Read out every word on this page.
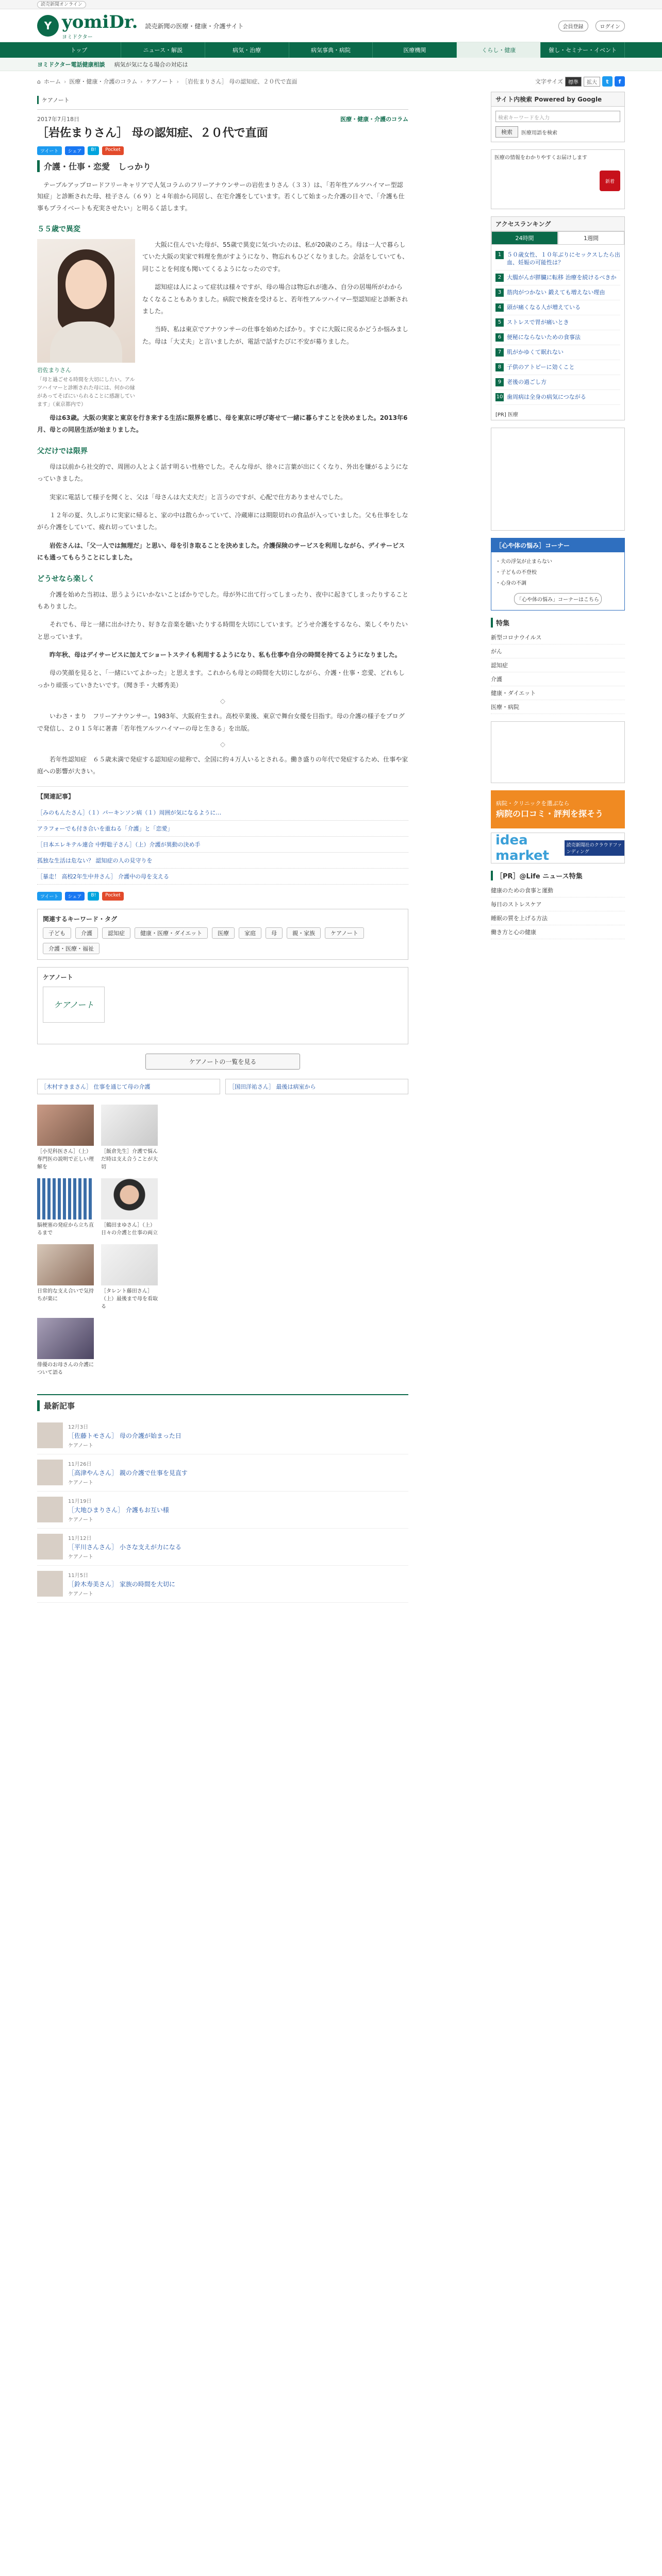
読売新聞オンライン
Y yomiDr.
ヨミドクター
読売新聞の医療・健康・介護サイト	会員登録	ログイン
トップ	ニュース・解説	病気・治療	病気事典・病院	医療機関	くらし・健康	催し・セミナー・イベント
ヨミドクター電話健康相談 病気が気になる場合の対応は
⌂ ホーム › 医療・健康・介護のコラム › ケアノート › ［岩佐まりさん］ 母の認知症、２０代で直面	文字サイズ	標準	拡大	t	f
ケアノート
2017年7月18日	医療・健康・介護のコラム
［岩佐まりさん］ 母の認知症、２０代で直面
ツイート	シェア	B!	Pocket
介護・仕事・恋愛　しっかり

　テーブルアップロードフリーキャリアで人気コラムのフリーアナウンサーの岩佐まりさん（３３）は、「若年性アルツハイマー型認知症」と診断された母、桂子さん（６９）と４年前から同居し、在宅介護をしています。若くして始まった介護の日々で、「介護も仕事もプライベートも充実させたい」と明るく話します。

５５歳で異変
岩佐まりさん
「母と過ごせる時間を大切にしたい。アルツハイマーと診断された母には、何かの縁があってそばにいられることに感謝しています」（東京都内で）

　大阪に住んでいた母が、55歳で異変に気づいたのは、私が20歳のころ。母は一人で暮らしていた大阪の実家で料理を焦がすようになり、物忘れもひどくなりました。会話をしていても、同じことを何度も聞いてくるようになったのです。

　認知症は人によって症状は様々ですが、母の場合は物忘れが進み、自分の居場所がわからなくなることもありました。病院で検査を受けると、若年性アルツハイマー型認知症と診断されました。

　当時、私は東京でアナウンサーの仕事を始めたばかり。すぐに大阪に戻るかどうか悩みました。母は「大丈夫」と言いましたが、電話で話すたびに不安が募りました。

　母は63歳。大阪の実家と東京を行き来する生活に限界を感じ、母を東京に呼び寄せて一緒に暮らすことを決めました。2013年6月、母との同居生活が始まりました。

父だけでは限界

　母は以前から社交的で、周囲の人とよく話す明るい性格でした。そんな母が、徐々に言葉が出にくくなり、外出を嫌がるようになっていきました。

　実家に電話して様子を聞くと、父は「母さんは大丈夫だ」と言うのですが、心配で仕方ありませんでした。

　１２年の夏、久しぶりに実家に帰ると、家の中は散らかっていて、冷蔵庫には期限切れの食品が入っていました。父も仕事をしながら介護をしていて、疲れ切っていました。

　岩佐さんは、「父一人では無理だ」と思い、母を引き取ることを決めました。介護保険のサービスを利用しながら、デイサービスにも通ってもらうことにしました。

どうせなら楽しく

　介護を始めた当初は、思うようにいかないことばかりでした。母が外に出て行ってしまったり、夜中に起きてしまったりすることもありました。

　それでも、母と一緒に出かけたり、好きな音楽を聴いたりする時間を大切にしています。どうせ介護をするなら、楽しくやりたいと思っています。

　昨年秋、母はデイサービスに加えてショートステイも利用するようになり、私も仕事や自分の時間を持てるようになりました。

　母の笑顔を見ると、「一緒にいてよかった」と思えます。これからも母との時間を大切にしながら、介護・仕事・恋愛、どれもしっかり頑張っていきたいです。（聞き手・大郷秀美）

◇

　いわさ・まり　フリーアナウンサー。1983年、大阪府生まれ。高校卒業後、東京で舞台女優を目指す。母の介護の様子をブログで発信し、２０１５年に著書「若年性アルツハイマーの母と生きる」を出版。

◇

　若年性認知症　６５歳未満で発症する認知症の総称で、全国に約４万人いるとされる。働き盛りの年代で発症するため、仕事や家庭への影響が大きい。

【関連記事】
［みのもんたさん］（１）パーキンソン病（１）周囲が気になるように…
アラフォーでも付き合いを重ねる「介護」と「恋愛」
［日本エレキテル連合 中野聡子さん］（上）介護が異動の決め手
孤独な生活は危ない？ 認知症の人の見守りを
［暴走！ 高校2年生中井さん］ 介護中の母を支える
ツイート	シェア	B!	Pocket
関連するキーワード・タグ
子ども	介護	認知症	健康・医療・ダイエット	医療	家庭	母	親・家族	ケアノート
介護・医療・福祉
ケアノート
ケアノート
ケアノートの一覧を見る
［木村すきまさん］ 仕事を通じて母の介護	［国田洋祐さん］ 最後は病室から
［小児科医さん］（上）専門医の説明で正しい理解を
［飯倉先生］介護で悩んだ時は支え合うことが大切
脳梗塞の発症から立ち直るまで
［鶴田まゆさん］（上）日々の介護と仕事の両立
日常的な支え合いで気持ちが楽に
［タレント藤田さん］（上）最後まで母を看取る
俳優のお母さんの介護について語る
最新記事
12月3日
［佐藤トモさん］ 母の介護が始まった日
ケアノート
11月26日
［高津やんさん］ 親の介護で仕事を見直す
ケアノート
11月19日
［大地ひまりさん］ 介護もお互い様
ケアノート
11月12日
［平川さんさん］ 小さな支えが力になる
ケアノート
11月5日
［鈴木寿美さん］ 家族の時間を大切に
ケアノート
サイト内検索 Powered by Google
検索キーワードを入力
検索	医療用語を検索
医療の情報をわかりやすくお届けします
新着
アクセスランキング
24時間	1週間
1 ５０歳女性、１０年ぶりにセックスしたら出血、妊娠の可能性は？
2 大腸がんが膵臓に転移 治療を続けるべきか
3 筋肉がつかない 鍛えても増えない理由
4 頭が痛くなる人が増えている
5 ストレスで胃が痛いとき
6 便秘にならないための食事法
7 肌がかゆくて眠れない
8 子供のアトピーに効くこと
9 老後の過ごし方
10 歯周病は全身の病気につながる
[PR] 医療
［心や体の悩み］コーナー
・夫の浮気が止まらない
・子どもの不登校
・心身の不調
「心や体の悩み」コーナーはこちら
特集
新型コロナウイルス
がん
認知症
介護
健康・ダイエット
医療・病院
病院・クリニックを選ぶなら
病院の口コミ・評判を探そう
idea market
読売新聞社のクラウドファンディング
［PR］@Life ニュース特集
健康のための食事と運動
毎日のストレスケア
睡眠の質を上げる方法
働き方と心の健康
